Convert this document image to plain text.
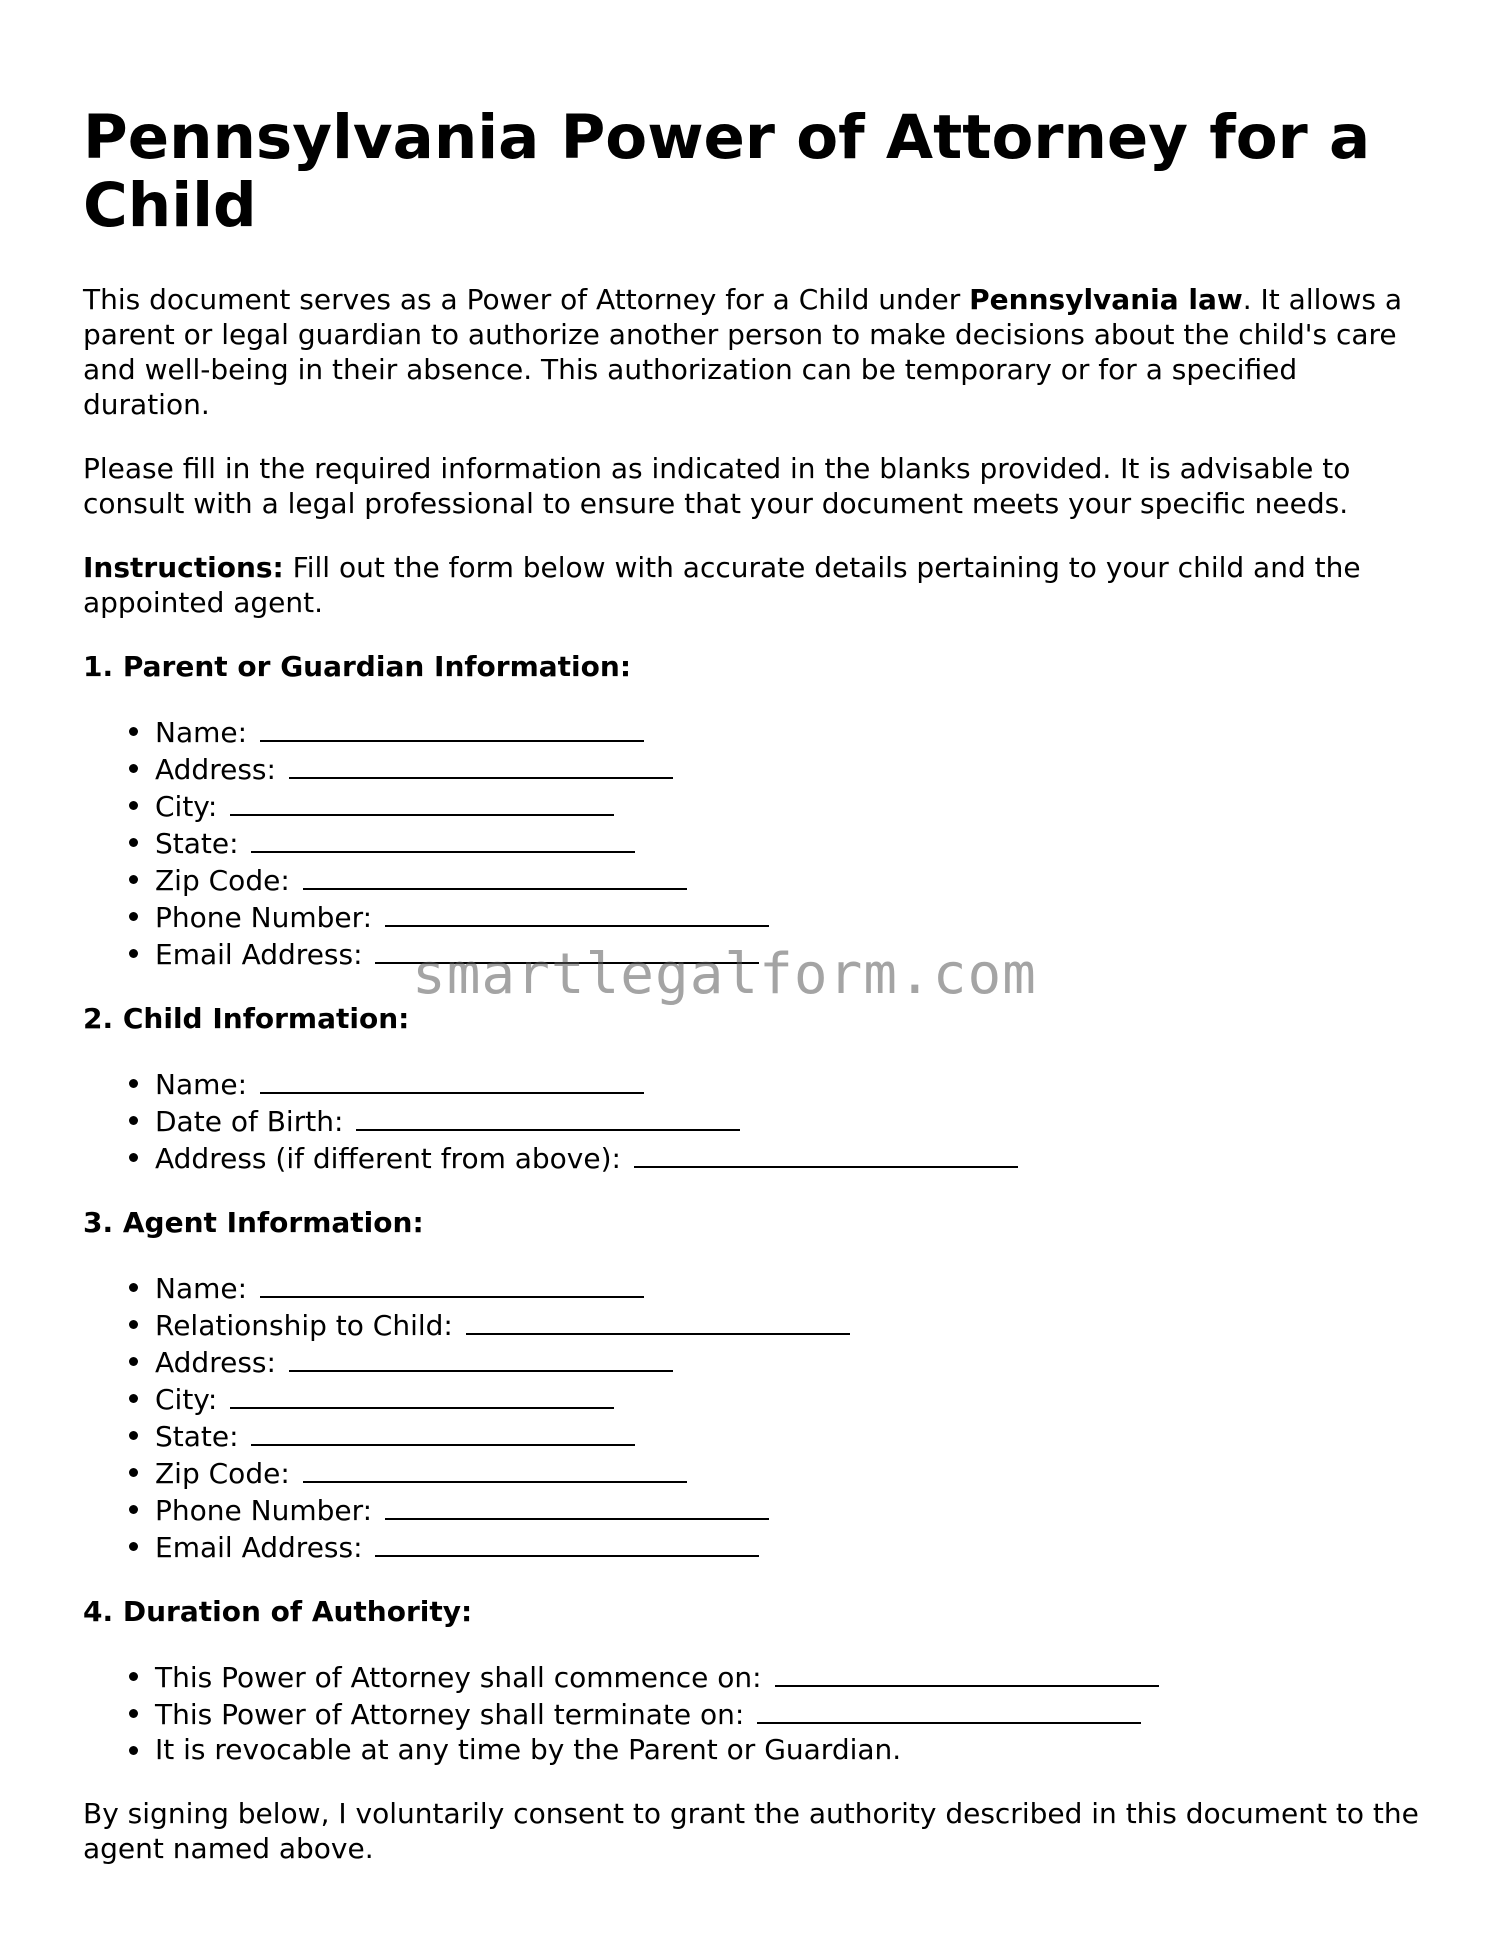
Pennsylvania Power of Attorney for a Child

This document serves as a Power of Attorney for a Child under Pennsylvania law. It allows a parent or legal guardian to authorize another person to make decisions about the child's care and well-being in their absence. This authorization can be temporary or for a specified duration.

Please fill in the required information as indicated in the blanks provided. It is advisable to consult with a legal professional to ensure that your document meets your specific needs.

Instructions: Fill out the form below with accurate details pertaining to your child and the appointed agent.

1. Parent or Guardian Information:
Name:
Address:
City:
State:
Zip Code:
Phone Number:
Email Address:
2. Child Information:
Name:
Date of Birth:
Address (if different from above):
3. Agent Information:
Name:
Relationship to Child:
Address:
City:
State:
Zip Code:
Phone Number:
Email Address:
4. Duration of Authority:
This Power of Attorney shall commence on:
This Power of Attorney shall terminate on:
It is revocable at any time by the Parent or Guardian.

By signing below, I voluntarily consent to grant the authority described in this document to the agent named above.

smartlegalform.com
